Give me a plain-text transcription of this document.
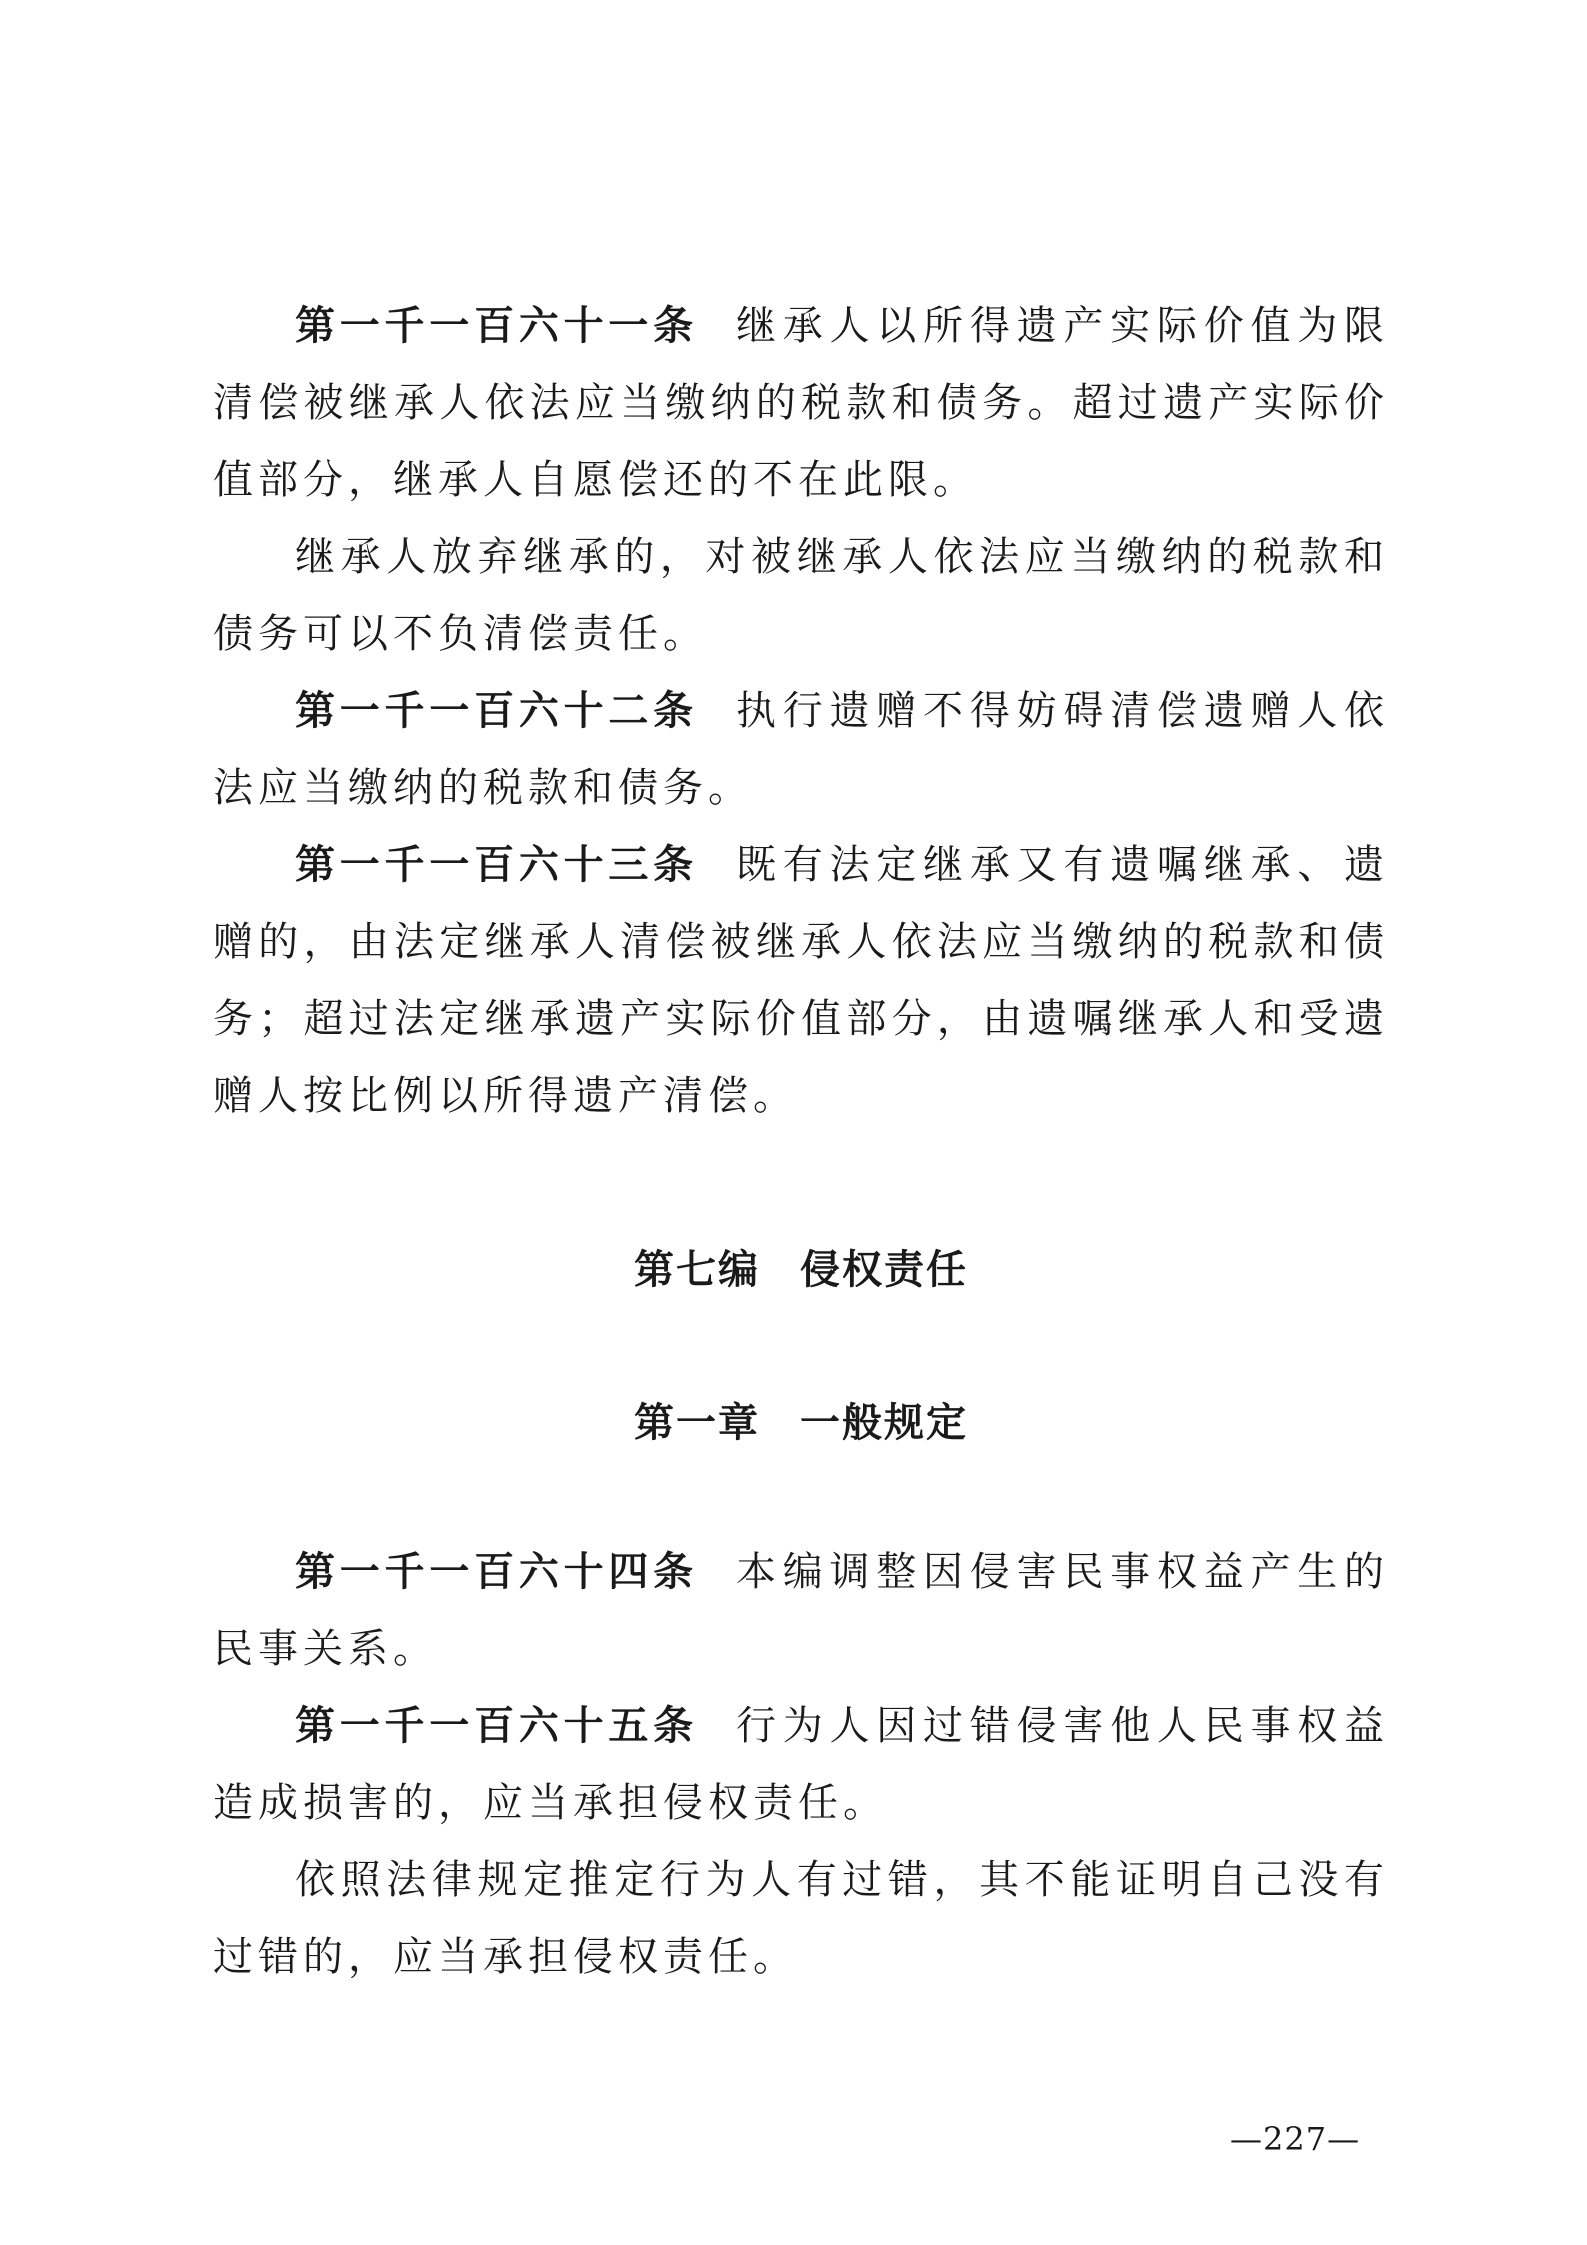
第一千一百六十一条 继承人以所得遗产实际价值为限清偿被继承人依法应当缴纳的税款和债务。超过遗产实际价值部分，继承人自愿偿还的不在此限。

继承人放弃继承的，对被继承人依法应当缴纳的税款和债务可以不负清偿责任。

第一千一百六十二条 执行遗赠不得妨碍清偿遗赠人依法应当缴纳的税款和债务。

第一千一百六十三条 既有法定继承又有遗嘱继承、遗赠的，由法定继承人清偿被继承人依法应当缴纳的税款和债务；超过法定继承遗产实际价值部分，由遗嘱继承人和受遗赠人按比例以所得遗产清偿。

第七编 侵权责任

第一章 一般规定

第一千一百六十四条 本编调整因侵害民事权益产生的民事关系。

第一千一百六十五条 行为人因过错侵害他人民事权益造成损害的，应当承担侵权责任。

依照法律规定推定行为人有过错，其不能证明自己没有过错的，应当承担侵权责任。

—227—
